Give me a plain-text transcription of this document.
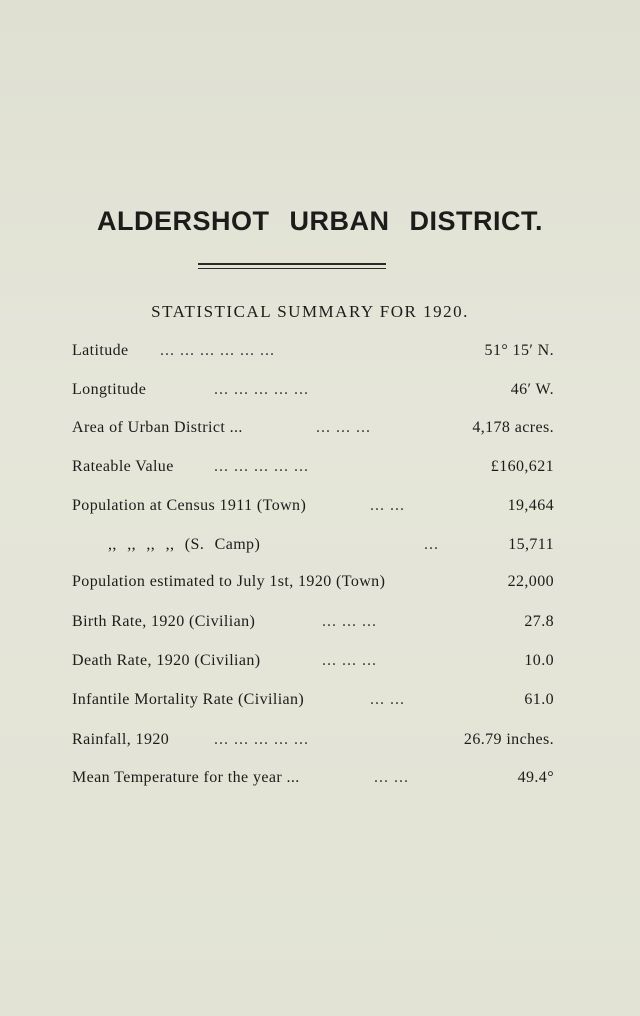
ALDERSHOT URBAN DISTRICT.
STATISTICAL SUMMARY FOR 1920.
Latitude ... ... ... ... ... ...	51° 15′ N.
Longtitude	... ... ... ... ...	46′ W.
Area of Urban District ...	... ... ...	4,178 acres.
Rateable Value	... ... ... ... ...	£160,621
Population at Census 1911 (Town)	... ...	19,464
,, ,, ,, ,, (S. Camp)	...	15,711
Population estimated to July 1st, 1920 (Town)	22,000
Birth Rate, 1920 (Civilian)	... ... ...	27.8
Death Rate, 1920 (Civilian)	... ... ...	10.0
Infantile Mortality Rate (Civilian)	... ...	61.0
Rainfall, 1920	... ... ... ... ...	26.79 inches.
Mean Temperature for the year ...	... ...	49.4°
